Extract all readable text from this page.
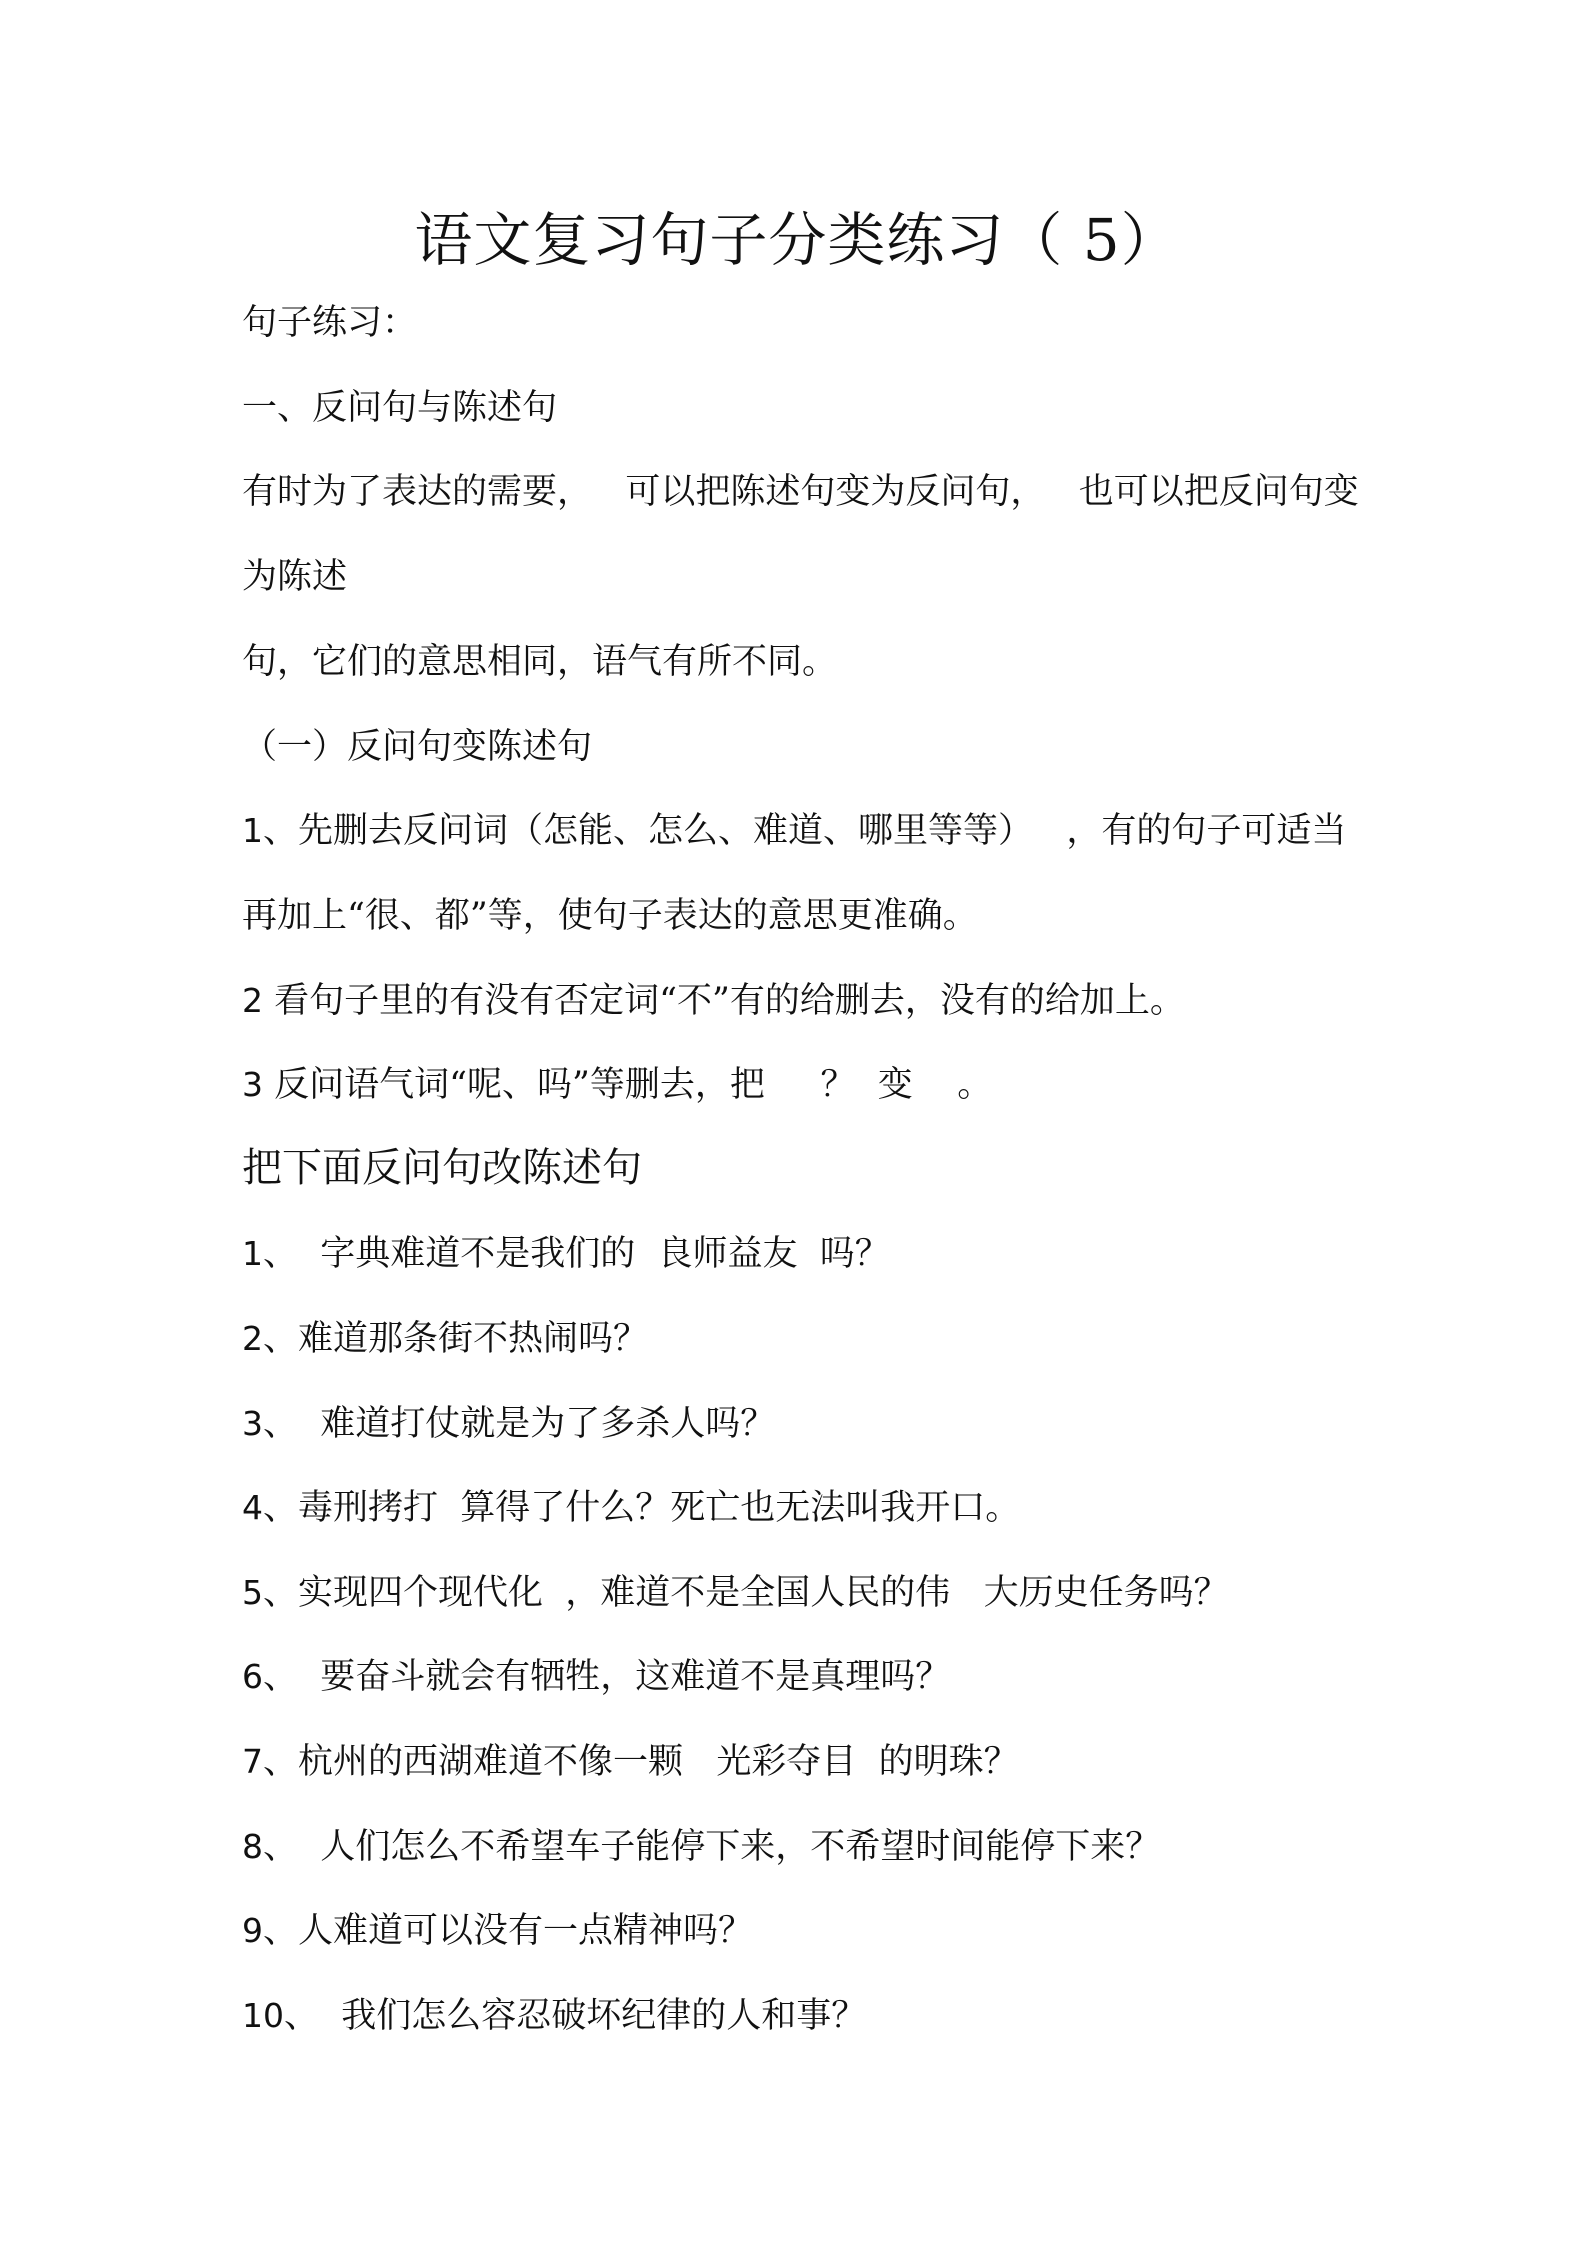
语文复习句子分类练习（ 5）
句子练习：
一、反问句与陈述句
有时为了表达的需要，   可以把陈述句变为反问句，   也可以把反问句变
为陈述
句，它们的意思相同，语气有所不同。
（一）反问句变陈述句
1、先删去反问词（怎能、怎么、难道、哪里等等）   ，有的句子可适当
再加上“很、都”等，使句子表达的意思更准确。
2 看句子里的有没有否定词“不”有的给删去，没有的给加上。
3 反问语气词“呢、吗”等删去，把     ？  变    。
把下面反问句改陈述句
1、  字典难道不是我们的  良师益友  吗？
2、难道那条街不热闹吗？
3、  难道打仗就是为了多杀人吗？
4、毒刑拷打  算得了什么？死亡也无法叫我开口。
5、实现四个现代化  ，难道不是全国人民的伟   大历史任务吗？
6、  要奋斗就会有牺牲，这难道不是真理吗？
7、杭州的西湖难道不像一颗   光彩夺目  的明珠？
8、  人们怎么不希望车子能停下来，不希望时间能停下来？
9、人难道可以没有一点精神吗？
10、  我们怎么容忍破坏纪律的人和事？
